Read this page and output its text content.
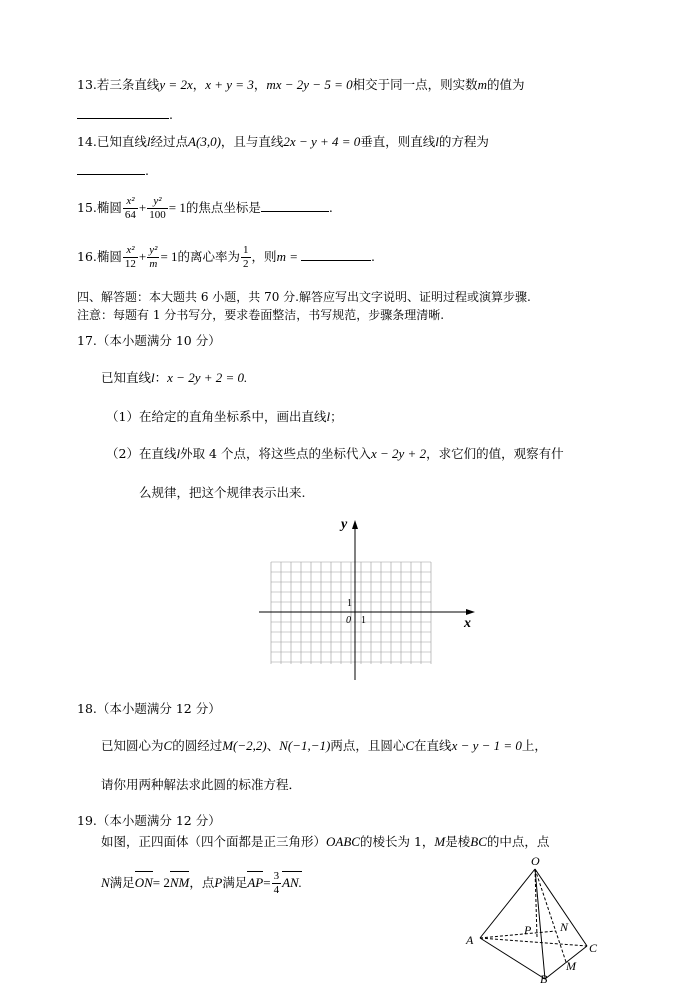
13.若三条直线y = 2x，x + y = 3，mx − 2y − 5 = 0相交于同一点，则实数m的值为
.
14.已知直线l经过点A(3,0)，且与直线2x − y + 4 = 0垂直，则直线l的方程为
.
15.椭圆 $\frac{\text{x²}}{64} + \frac{\text{y²}}{100} = 1$的焦点坐标是	.
16.椭圆 $\frac{\text{x²}}{12} + \frac{\text{y²}}{m} = 1$的离心率为 $\frac{1}{2}$ ，则m =	.
四、解答题：本大题共 6 小题，共 70 分.解答应写出文字说明、证明过程或演算步骤.
注意：每题有 1 分书写分，要求卷面整洁，书写规范，步骤条理清晰.
17.（本小题满分 10 分）
已知直线l：x − 2y + 2 = 0.
（1）在给定的直角坐标系中，画出直线l；
（2）在直线l外取 4 个点，将这些点的坐标代入x − 2y + 2，求它们的值，观察有什
么规律，把这个规律表示出来.
y
x
0 1
1
18.（本小题满分 12 分）
已知圆心为C的圆经过M(−2,2)、N(−1,−1)两点，且圆心C在直线x − y − 1 = 0上，
请你用两种解法求此圆的标准方程．
19.（本小题满分 12 分）
如图，正四面体（四个面都是正三角形）OABC的棱长为 1，M是棱BC的中点，点
N满足ON= 2NM，点P满足$AP= \frac{3}{4}$ AN.
O
A
P N
C
M
B
